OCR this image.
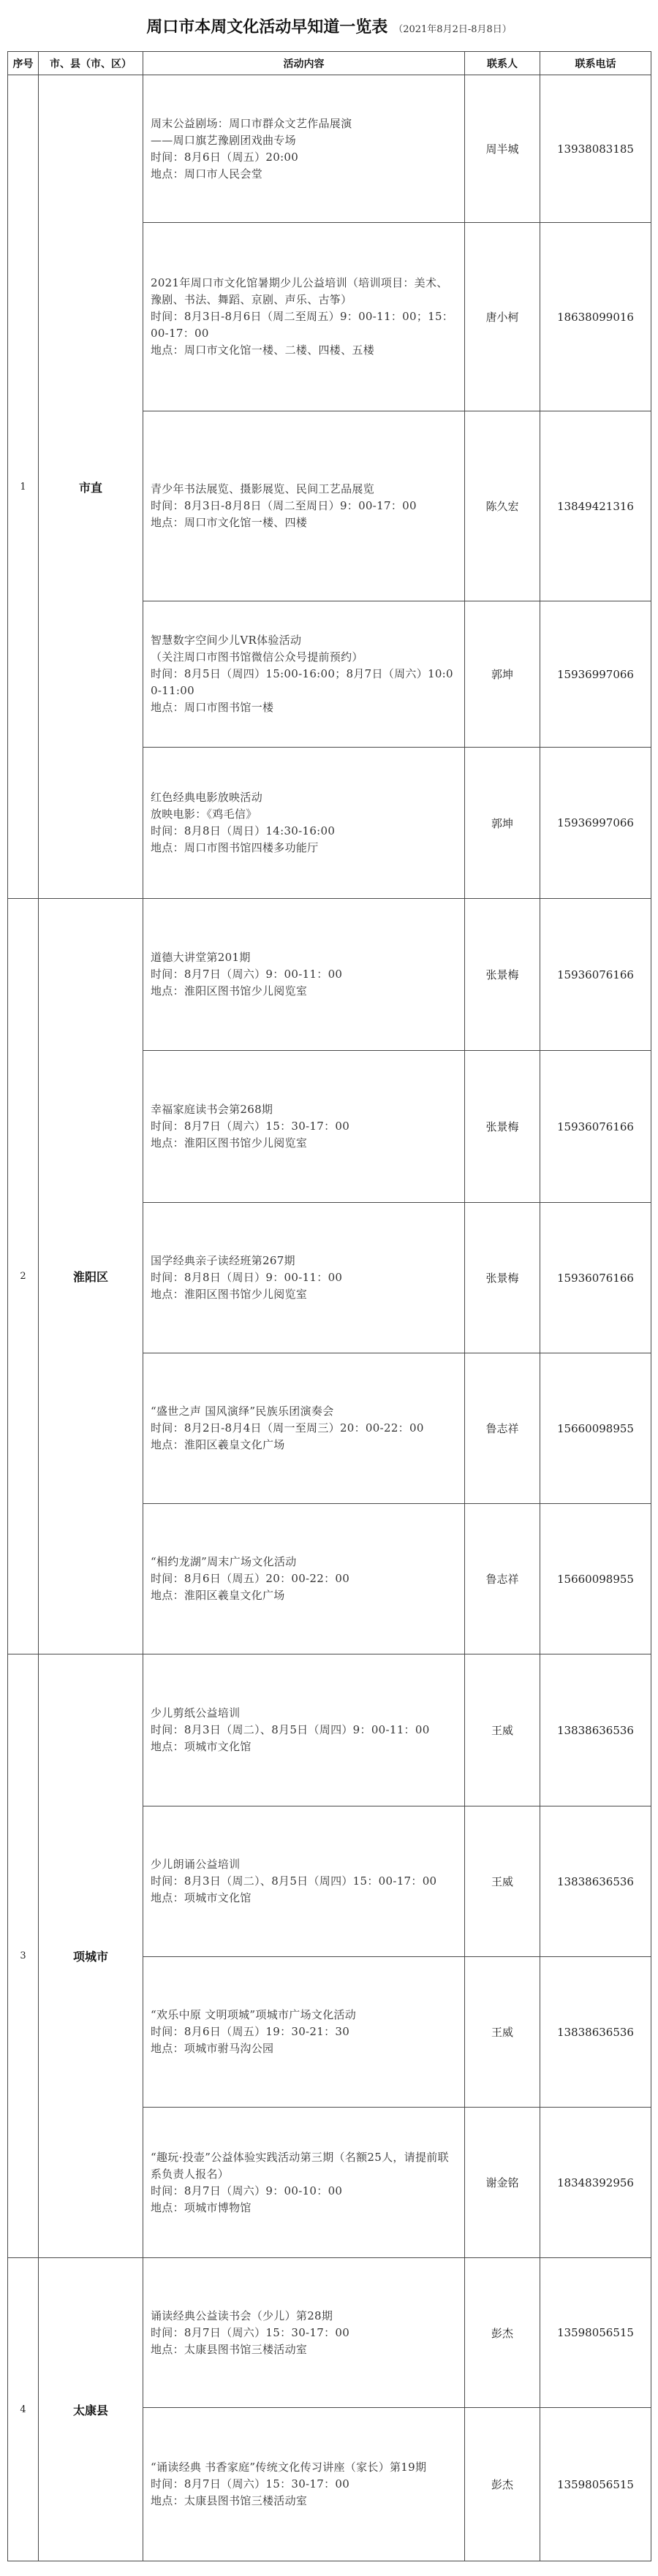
周口市本周文化活动早知道一览表 （2021年8月2日-8月8日）
序号	市、县（市、区）	活动内容	联系人	联系电话
1	市直	周末公益剧场：周口市群众文艺作品展演
——周口旗艺豫剧团戏曲专场
时间：8月6日（周五）20:00
地点：周口市人民会堂	周半城	13938083185

		2021年周口市文化馆暑期少儿公益培训（培训项目：美术、豫剧、书法、舞蹈、京剧、声乐、古筝）
时间：8月3日-8月6日（周二至周五）9：00-11：00；15：00-17：00
地点：周口市文化馆一楼、二楼、四楼、五楼	唐小柯	18638099016

		青少年书法展览、摄影展览、民间工艺品展览
时间：8月3日-8月8日（周二至周日）9：00-17：00
地点：周口市文化馆一楼、四楼	陈久宏	13849421316

		智慧数字空间少儿VR体验活动
（关注周口市图书馆微信公众号提前预约）
时间：8月5日（周四）15:00-16:00；8月7日（周六）10:00-11:00
地点：周口市图书馆一楼	郭坤	15936997066

		红色经典电影放映活动
放映电影：《鸡毛信》
时间：8月8日（周日）14:30-16:00
地点：周口市图书馆四楼多功能厅	郭坤	15936997066
2	淮阳区	道德大讲堂第201期
时间：8月7日（周六）9：00-11：00
地点：淮阳区图书馆少儿阅览室	张景梅	15936076166

		幸福家庭读书会第268期
时间：8月7日（周六）15：30-17：00
地点：淮阳区图书馆少儿阅览室	张景梅	15936076166

		国学经典亲子读经班第267期
时间：8月8日（周日）9：00-11：00
地点：淮阳区图书馆少儿阅览室	张景梅	15936076166

		“盛世之声 国风演绎”民族乐团演奏会
时间：8月2日-8月4日（周一至周三）20：00-22：00
地点：淮阳区羲皇文化广场	鲁志祥	15660098955

		“相约龙湖”周末广场文化活动
时间：8月6日（周五）20：00-22：00
地点：淮阳区羲皇文化广场	鲁志祥	15660098955
3	项城市	少儿剪纸公益培训
时间：8月3日（周二）、8月5日（周四）9：00-11：00
地点：项城市文化馆	王威	13838636536

		少儿朗诵公益培训
时间：8月3日（周二）、8月5日（周四）15：00-17：00
地点：项城市文化馆	王威	13838636536

		“欢乐中原 文明项城”项城市广场文化活动
时间：8月6日（周五）19：30-21：30
地点：项城市驸马沟公园	王威	13838636536

		“趣玩·投壶”公益体验实践活动第三期（名额25人，请提前联系负责人报名）
时间：8月7日（周六）9：00-10：00
地点：项城市博物馆	谢金铭	18348392956
4	太康县	诵读经典公益读书会（少儿）第28期
时间：8月7日（周六）15：30-17：00
地点：太康县图书馆三楼活动室	彭杰	13598056515

		“诵读经典 书香家庭”传统文化传习讲座（家长）第19期
时间：8月7日（周六）15：30-17：00
地点：太康县图书馆三楼活动室	彭杰	13598056515
